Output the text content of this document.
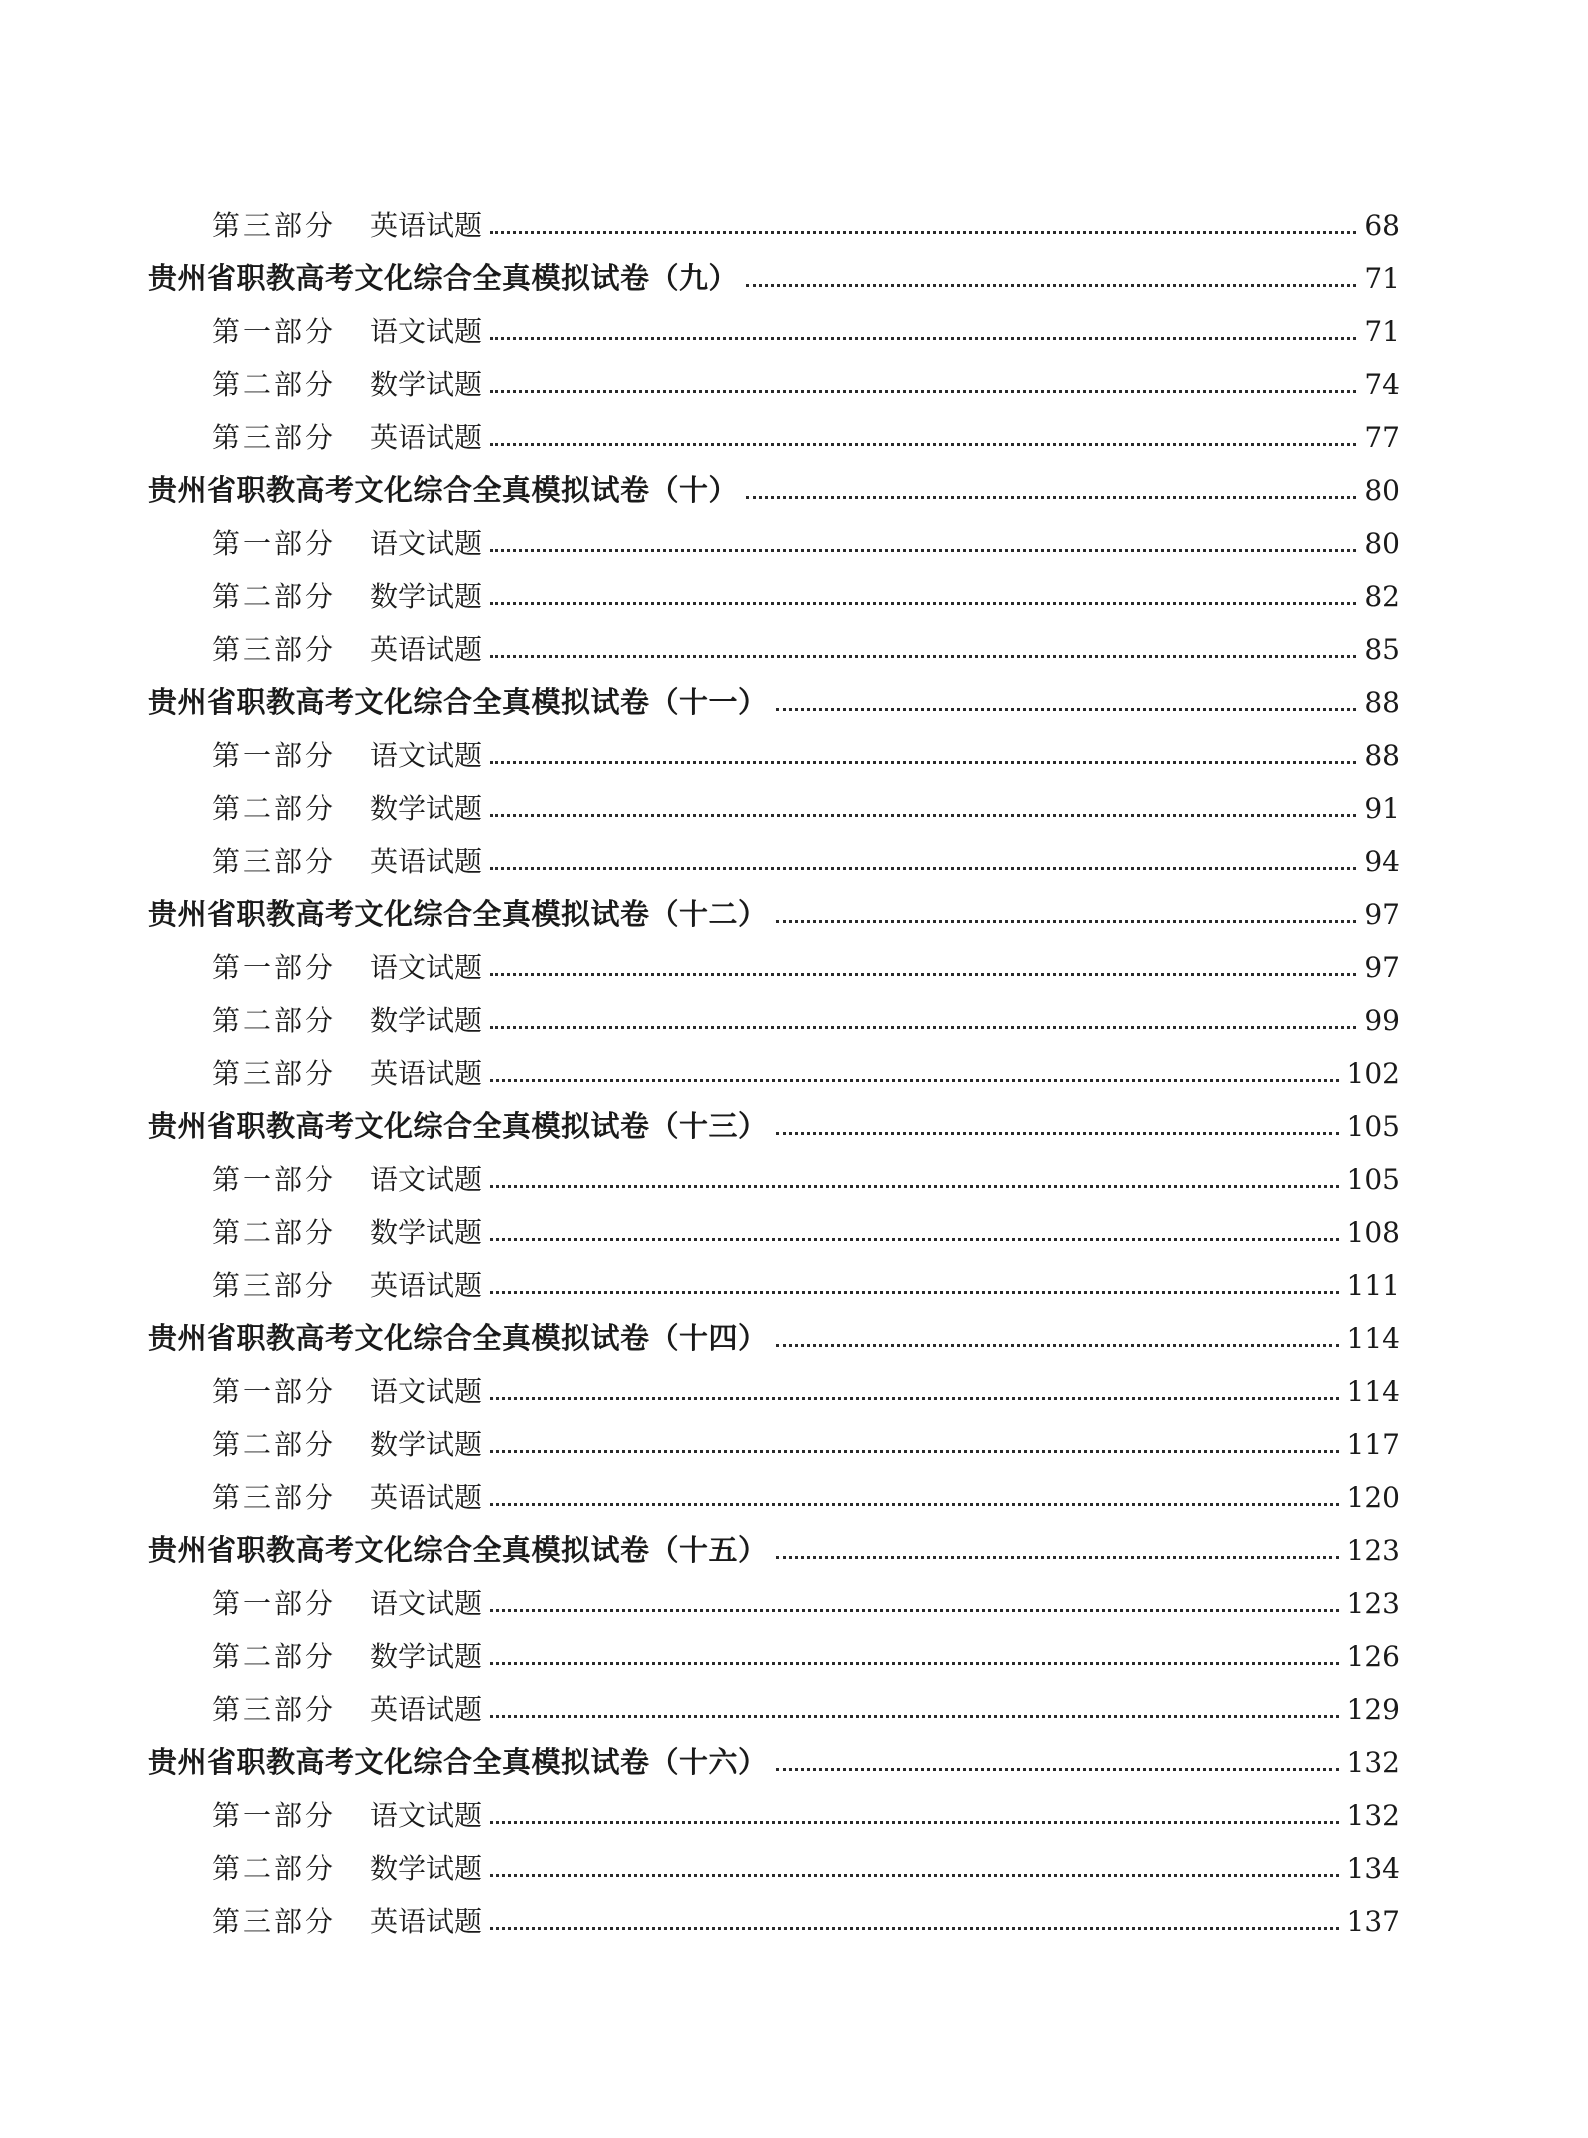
第三部分 英语试题	68
贵州省职教高考文化综合全真模拟试卷（九）	71
第一部分 语文试题	71
第二部分 数学试题	74
第三部分 英语试题	77
贵州省职教高考文化综合全真模拟试卷（十）	80
第一部分 语文试题	80
第二部分 数学试题	82
第三部分 英语试题	85
贵州省职教高考文化综合全真模拟试卷（十一）	88
第一部分 语文试题	88
第二部分 数学试题	91
第三部分 英语试题	94
贵州省职教高考文化综合全真模拟试卷（十二）	97
第一部分 语文试题	97
第二部分 数学试题	99
第三部分 英语试题	102
贵州省职教高考文化综合全真模拟试卷（十三）	105
第一部分 语文试题	105
第二部分 数学试题	108
第三部分 英语试题	111
贵州省职教高考文化综合全真模拟试卷（十四）	114
第一部分 语文试题	114
第二部分 数学试题	117
第三部分 英语试题	120
贵州省职教高考文化综合全真模拟试卷（十五）	123
第一部分 语文试题	123
第二部分 数学试题	126
第三部分 英语试题	129
贵州省职教高考文化综合全真模拟试卷（十六）	132
第一部分 语文试题	132
第二部分 数学试题	134
第三部分 英语试题	137
